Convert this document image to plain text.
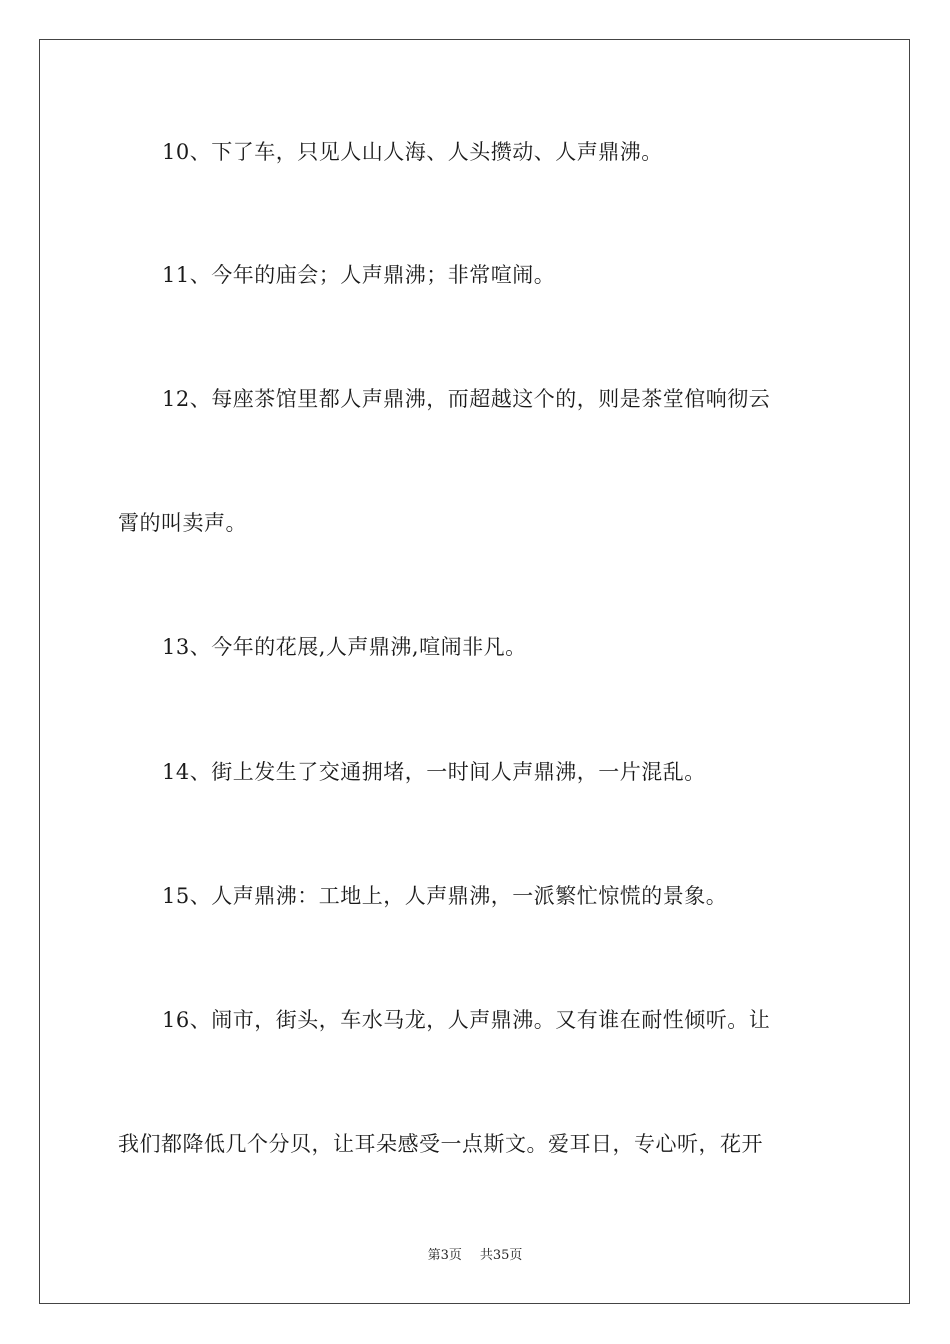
10、下了车，只见人山人海、人头攒动、人声鼎沸。
11、今年的庙会；人声鼎沸；非常喧闹。
12、每座茶馆里都人声鼎沸，而超越这个的，则是茶堂倌响彻云
霄的叫卖声。
13、今年的花展,人声鼎沸,喧闹非凡。
14、街上发生了交通拥堵，一时间人声鼎沸，一片混乱。
15、人声鼎沸：工地上，人声鼎沸，一派繁忙惊慌的景象。
16、闹市，街头，车水马龙，人声鼎沸。又有谁在耐性倾听。让
我们都降低几个分贝，让耳朵感受一点斯文。爱耳日，专心听，花开
第3页 共35页
